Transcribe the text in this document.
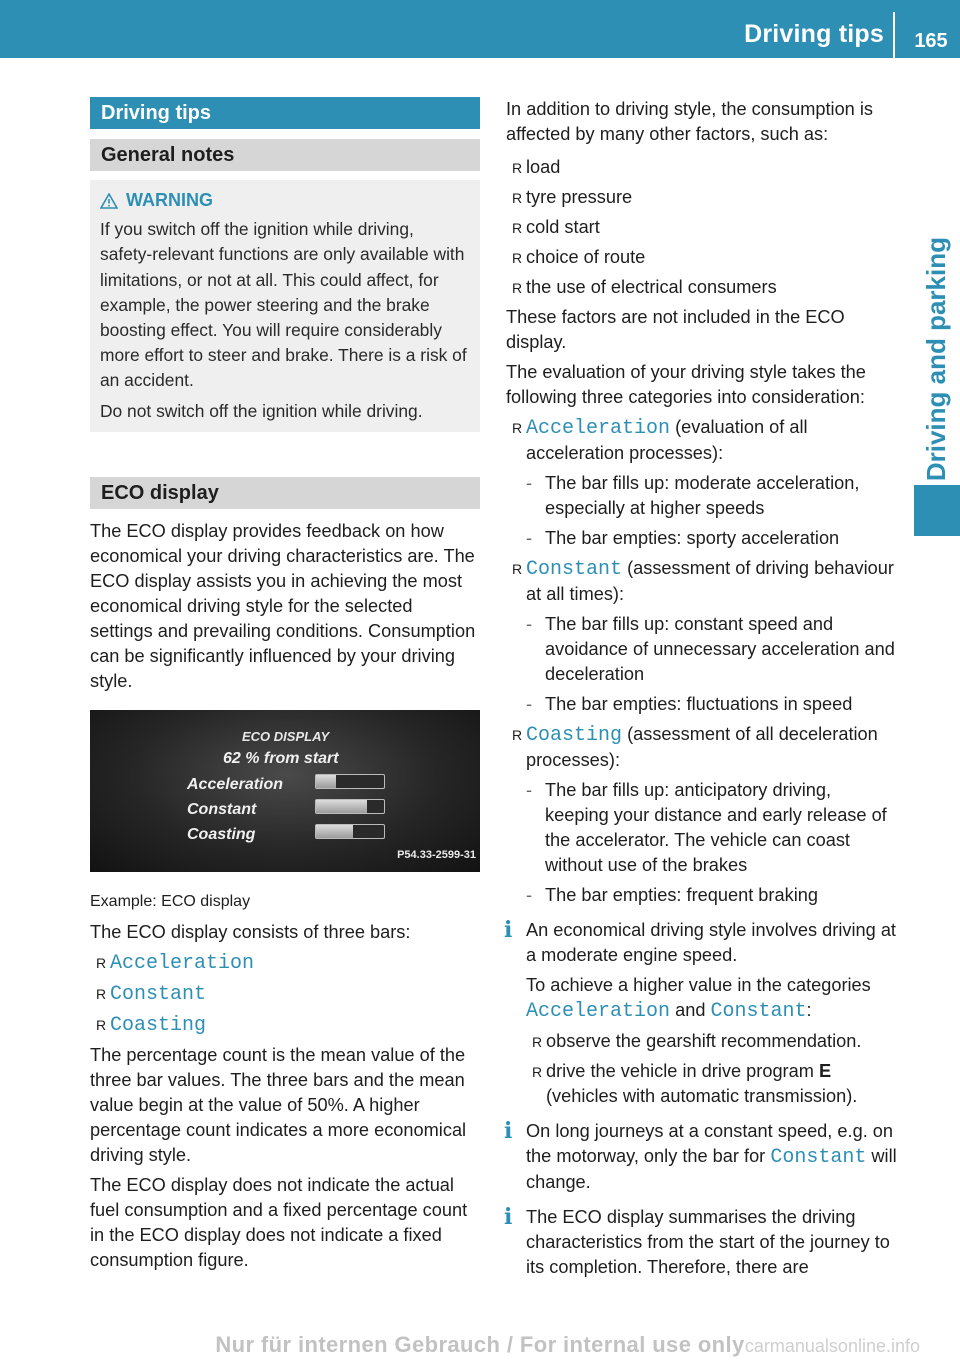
Driving tips	165
Driving and parking
Driving tips
General notes
WARNING

If you switch off the ignition while driving, safety-relevant functions are only available with limitations, or not at all. This could affect, for example, the power steering and the brake boosting effect. You will require considerably more effort to steer and brake. There is a risk of an accident.

Do not switch off the ignition while driving.

ECO display

The ECO display provides feedback on how economical your driving characteristics are. The ECO display assists you in achieving the most economical driving style for the selected settings and prevailing conditions. Consumption can be significantly influenced by your driving style.

ECO DISPLAY
62 % from start
Acceleration
Constant
Coasting
P54.33-2599-31
Example: ECO display

The ECO display consists of three bars:

R Acceleration
R Constant
R Coasting

The percentage count is the mean value of the three bar values. The three bars and the mean value begin at the value of 50%. A higher percentage count indicates a more economical driving style.

The ECO display does not indicate the actual fuel consumption and a fixed percentage count in the ECO display does not indicate a fixed consumption figure.

In addition to driving style, the consumption is affected by many other factors, such as:

R load
R tyre pressure
R cold start
R choice of route
R the use of electrical consumers

These factors are not included in the ECO display.

The evaluation of your driving style takes the following three categories into consideration:

R Acceleration (evaluation of all acceleration processes):
- The bar fills up: moderate acceleration, especially at higher speeds
- The bar empties: sporty acceleration
R Constant (assessment of driving behaviour at all times):
- The bar fills up: constant speed and avoidance of unnecessary acceleration and deceleration
- The bar empties: fluctuations in speed
R Coasting (assessment of all deceleration processes):
- The bar fills up: anticipatory driving, keeping your distance and early release of the accelerator. The vehicle can coast without use of the brakes
- The bar empties: frequent braking
i An economical driving style involves driving at a moderate engine speed.

To achieve a higher value in the categories Acceleration and Constant:

R observe the gearshift recommendation.
R drive the vehicle in drive program E (vehicles with automatic transmission).
i On long journeys at a constant speed, e.g. on the motorway, only the bar for Constant will change.

i The ECO display summarises the driving characteristics from the start of the journey to its completion. Therefore, there are

Nur für internen Gebrauch / For internal use only carmanualsonline.info
